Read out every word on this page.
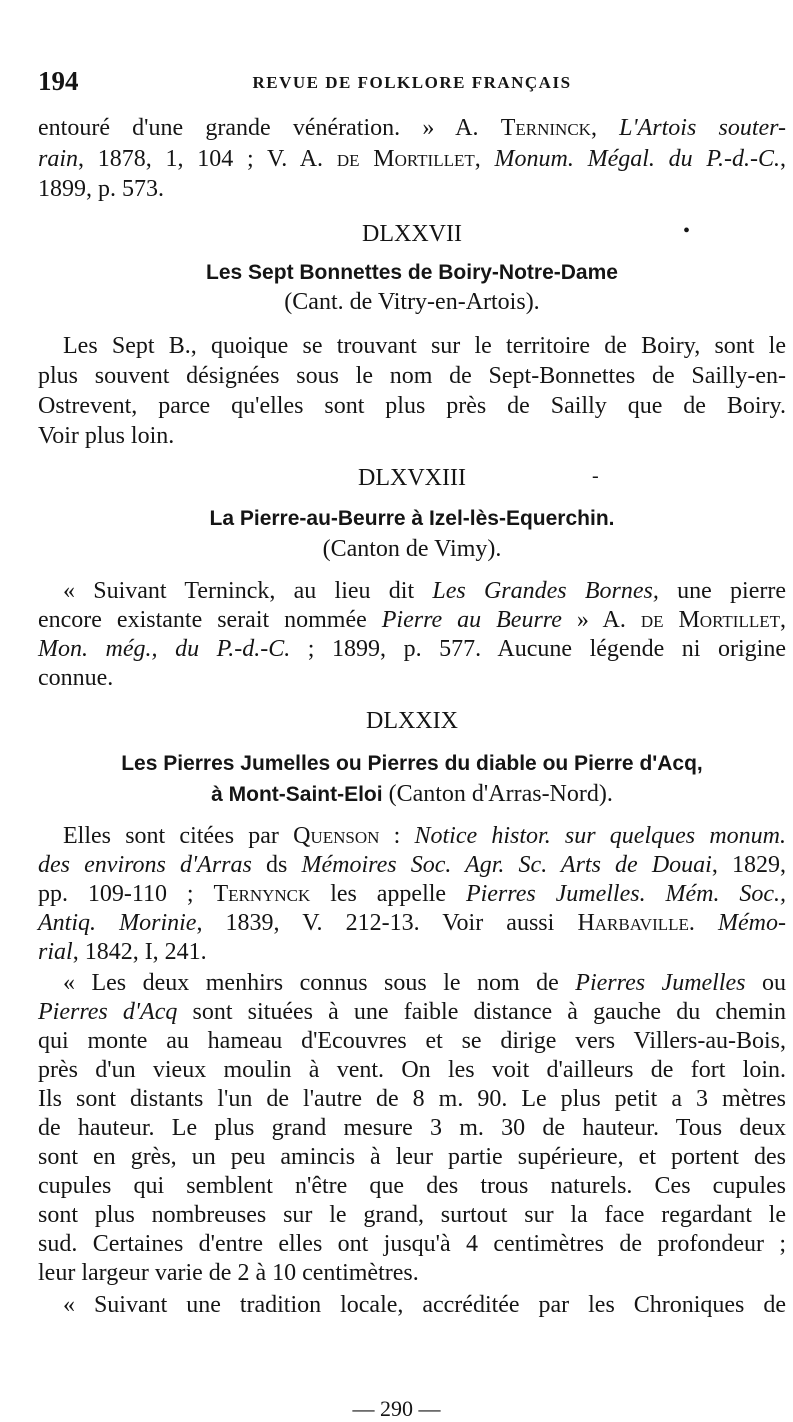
194	REVUE DE FOLKLORE FRANÇAIS
entouré d'une grande vénération. » A. Terninck, L'Artois souter-
rain, 1878, 1, 104 ; V. A. de Mortillet, Monum. Mégal. du P.-d.-C.,
1899, p. 573.
DLXXVII	•
Les Sept Bonnettes de Boiry-Notre-Dame
(Cant. de Vitry-en-Artois).
Les Sept B., quoique se trouvant sur le territoire de Boiry, sont le
plus souvent désignées sous le nom de Sept-Bonnettes de Sailly-en-
Ostrevent, parce qu'elles sont plus près de Sailly que de Boiry.
Voir plus loin.
DLXVXIII	-
La Pierre-au-Beurre à Izel-lès-Equerchin.
(Canton de Vimy).
« Suivant Terninck, au lieu dit Les Grandes Bornes, une pierre
encore existante serait nommée Pierre au Beurre » A. de Mortillet,
Mon. még., du P.-d.-C. ; 1899, p. 577. Aucune légende ni origine
connue.
DLXXIX
Les Pierres Jumelles ou Pierres du diable ou Pierre d'Acq,
à Mont-Saint-Eloi (Canton d'Arras-Nord).
Elles sont citées par Quenson : Notice histor. sur quelques monum.
des environs d'Arras ds Mémoires Soc. Agr. Sc. Arts de Douai, 1829,
pp. 109-110 ; Ternynck les appelle Pierres Jumelles. Mém. Soc.,
Antiq. Morinie, 1839, V. 212-13. Voir aussi Harbaville. Mémo-
rial, 1842, I, 241.
« Les deux menhirs connus sous le nom de Pierres Jumelles ou
Pierres d'Acq sont situées à une faible distance à gauche du chemin
qui monte au hameau d'Ecouvres et se dirige vers Villers-au-Bois,
près d'un vieux moulin à vent. On les voit d'ailleurs de fort loin.
Ils sont distants l'un de l'autre de 8 m. 90. Le plus petit a 3 mètres
de hauteur. Le plus grand mesure 3 m. 30 de hauteur. Tous deux
sont en grès, un peu amincis à leur partie supérieure, et portent des
cupules qui semblent n'être que des trous naturels. Ces cupules
sont plus nombreuses sur le grand, surtout sur la face regardant le
sud. Certaines d'entre elles ont jusqu'à 4 centimètres de profondeur ;
leur largeur varie de 2 à 10 centimètres.
« Suivant une tradition locale, accréditée par les Chroniques de
— 290 —
